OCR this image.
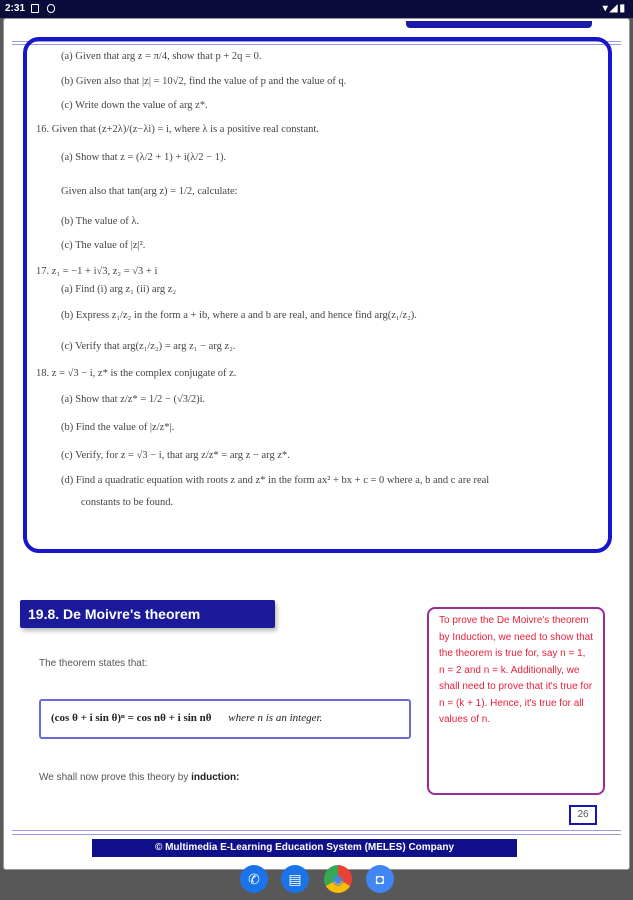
2:31	▾◢▮
(a) Given that arg z = π/4, show that p + 2q = 0.
(b) Given also that |z| = 10√2, find the value of p and the value of q.
(c) Write down the value of arg z*.
16. Given that (z+2λ)/(z−λi) = i, where λ is a positive real constant.
(a) Show that z = (λ/2 + 1) + i(λ/2 − 1).
Given also that tan(arg z) = 1/2, calculate:
(b) The value of λ.
(c) The value of |z|².
17. z₁ = −1 + i√3, z₂ = √3 + i
(a) Find (i) arg z₁ (ii) arg z₂
(b) Express z₁/z₂ in the form a + ib, where a and b are real, and hence find arg(z₁/z₂).
(c) Verify that arg(z₁/z₂) = arg z₁ − arg z₂.
18. z = √3 − i, z* is the complex conjugate of z.
(a) Show that z/z* = 1/2 − (√3/2)i.
(b) Find the value of |z/z*|.
(c) Verify, for z = √3 − i, that arg z/z* = arg z − arg z*.
(d) Find a quadratic equation with roots z and z* in the form ax² + bx + c = 0 where a, b and c are real
constants to be found.
19.8. De Moivre's theorem
The theorem states that:
(cos θ + i sin θ)ⁿ = cos nθ + i sin nθ where n is an integer.
We shall now prove this theory by induction:
To prove the De Moivre's theorem by Induction, we need to show that the theorem is true for, say n = 1, n = 2 and n = k. Additionally, we shall need to prove that it's true for n = (k + 1). Hence, it's true for all values of n.
26
© Multimedia E-Learning Education System (MELES) Company
✆	▤	◉	◘
